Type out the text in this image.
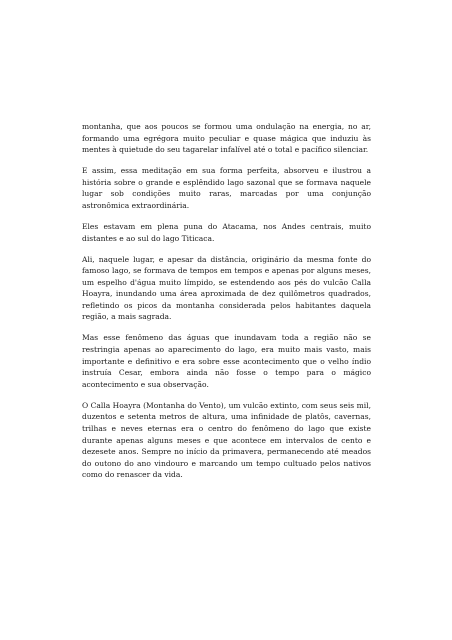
montanha, que aos poucos se formou uma ondulação na energia, no ar, formando uma egrégora muito peculiar e quase mágica que induziu às mentes à quietude do seu tagarelar infalível até o total e pacífico silenciar.

E assim, essa meditação em sua forma perfeita, absorveu e ilustrou a história sobre o grande e esplêndido lago sazonal que se formava naquele lugar sob condições muito raras, marcadas por uma conjunção astronômica extraordinária.

Eles estavam em plena puna do Atacama, nos Andes centrais, muito distantes e ao sul do lago Titicaca.

Ali, naquele lugar, e apesar da distância, originário da mesma fonte do famoso lago, se formava de tempos em tempos e apenas por alguns meses, um espelho d'água muito límpido, se estendendo aos pés do vulcão Calla Hoayra, inundando uma área aproximada de dez quilômetros quadrados, refletindo os picos da montanha considerada pelos habitantes daquela região, a mais sagrada.

Mas esse fenômeno das águas que inundavam toda a região não se restringia apenas ao aparecimento do lago, era muito mais vasto, mais importante e definitivo e era sobre esse acontecimento que o velho índio instruía Cesar, embora ainda não fosse o tempo para o mágico acontecimento e sua observação.

O Calla Hoayra (Montanha do Vento), um vulcão extinto, com seus seis mil, duzentos e setenta metros de altura, uma infinidade de platôs, cavernas, trilhas e neves eternas era o centro do fenômeno do lago que existe durante apenas alguns meses e que acontece em intervalos de cento e dezesete anos. Sempre no início da primavera, permanecendo até meados do outono do ano vindouro e marcando um tempo cultuado pelos nativos como do renascer da vida.
